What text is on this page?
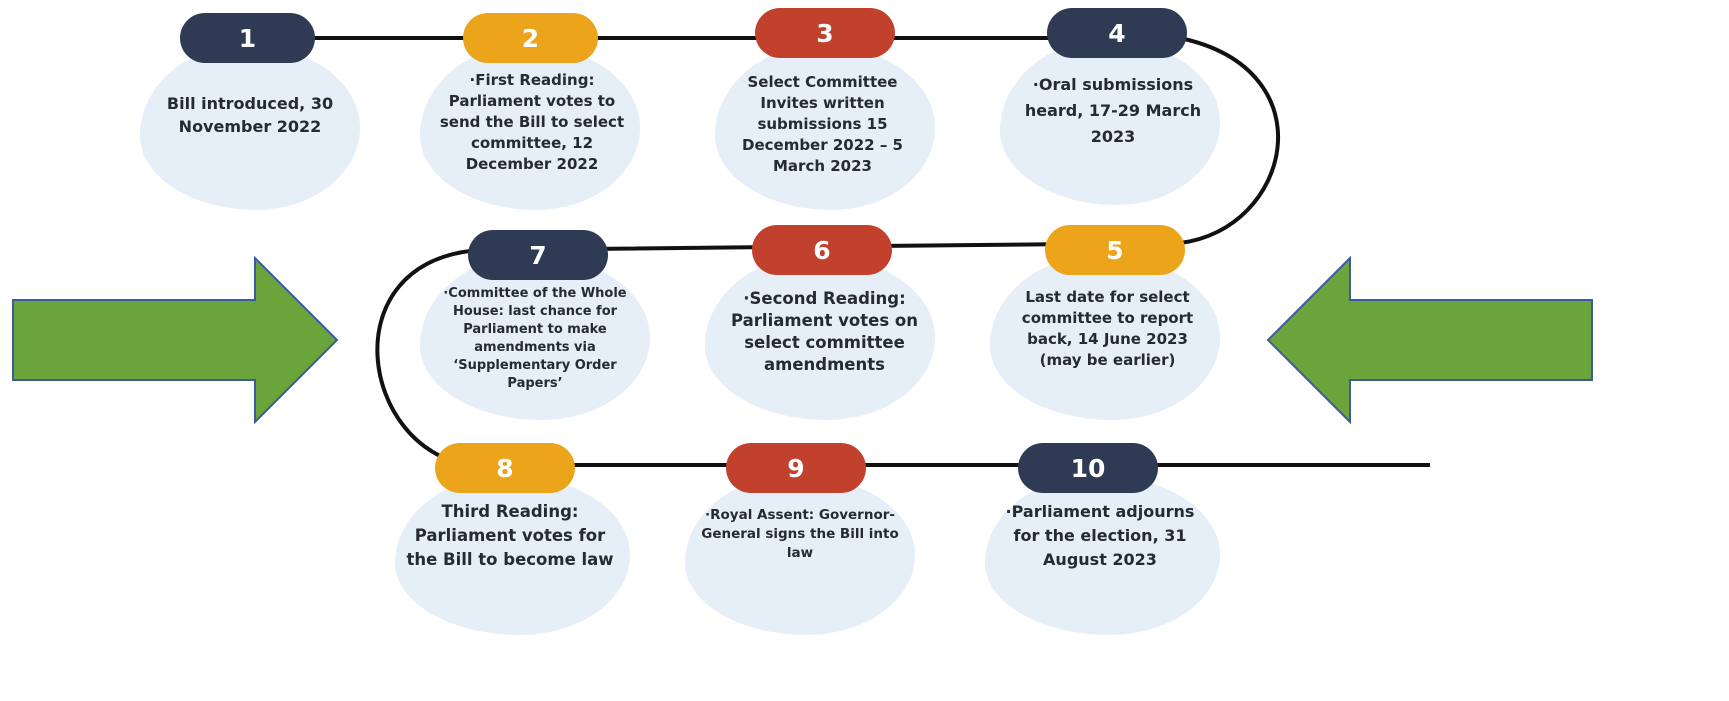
1	2	3	4
5
6
7
8	9	10
Bill introduced, 30 November 2022
·First Reading: Parliament votes to send the Bill to select committee, 12 December 2022
Select Committee Invites written submissions 15 December 2022 – 5 March 2023
·Oral submissions heard, 17-29 March 2023
Last date for select committee to report back, 14 June 2023 (may be earlier)
·Second Reading: Parliament votes on select committee amendments
·Committee of the Whole House: last chance for Parliament to make amendments via ‘Supplementary Order Papers’
Third Reading: Parliament votes for the Bill to become law
·Royal Assent: Governor-General signs the Bill into law
·Parliament adjourns for the election, 31 August 2023
